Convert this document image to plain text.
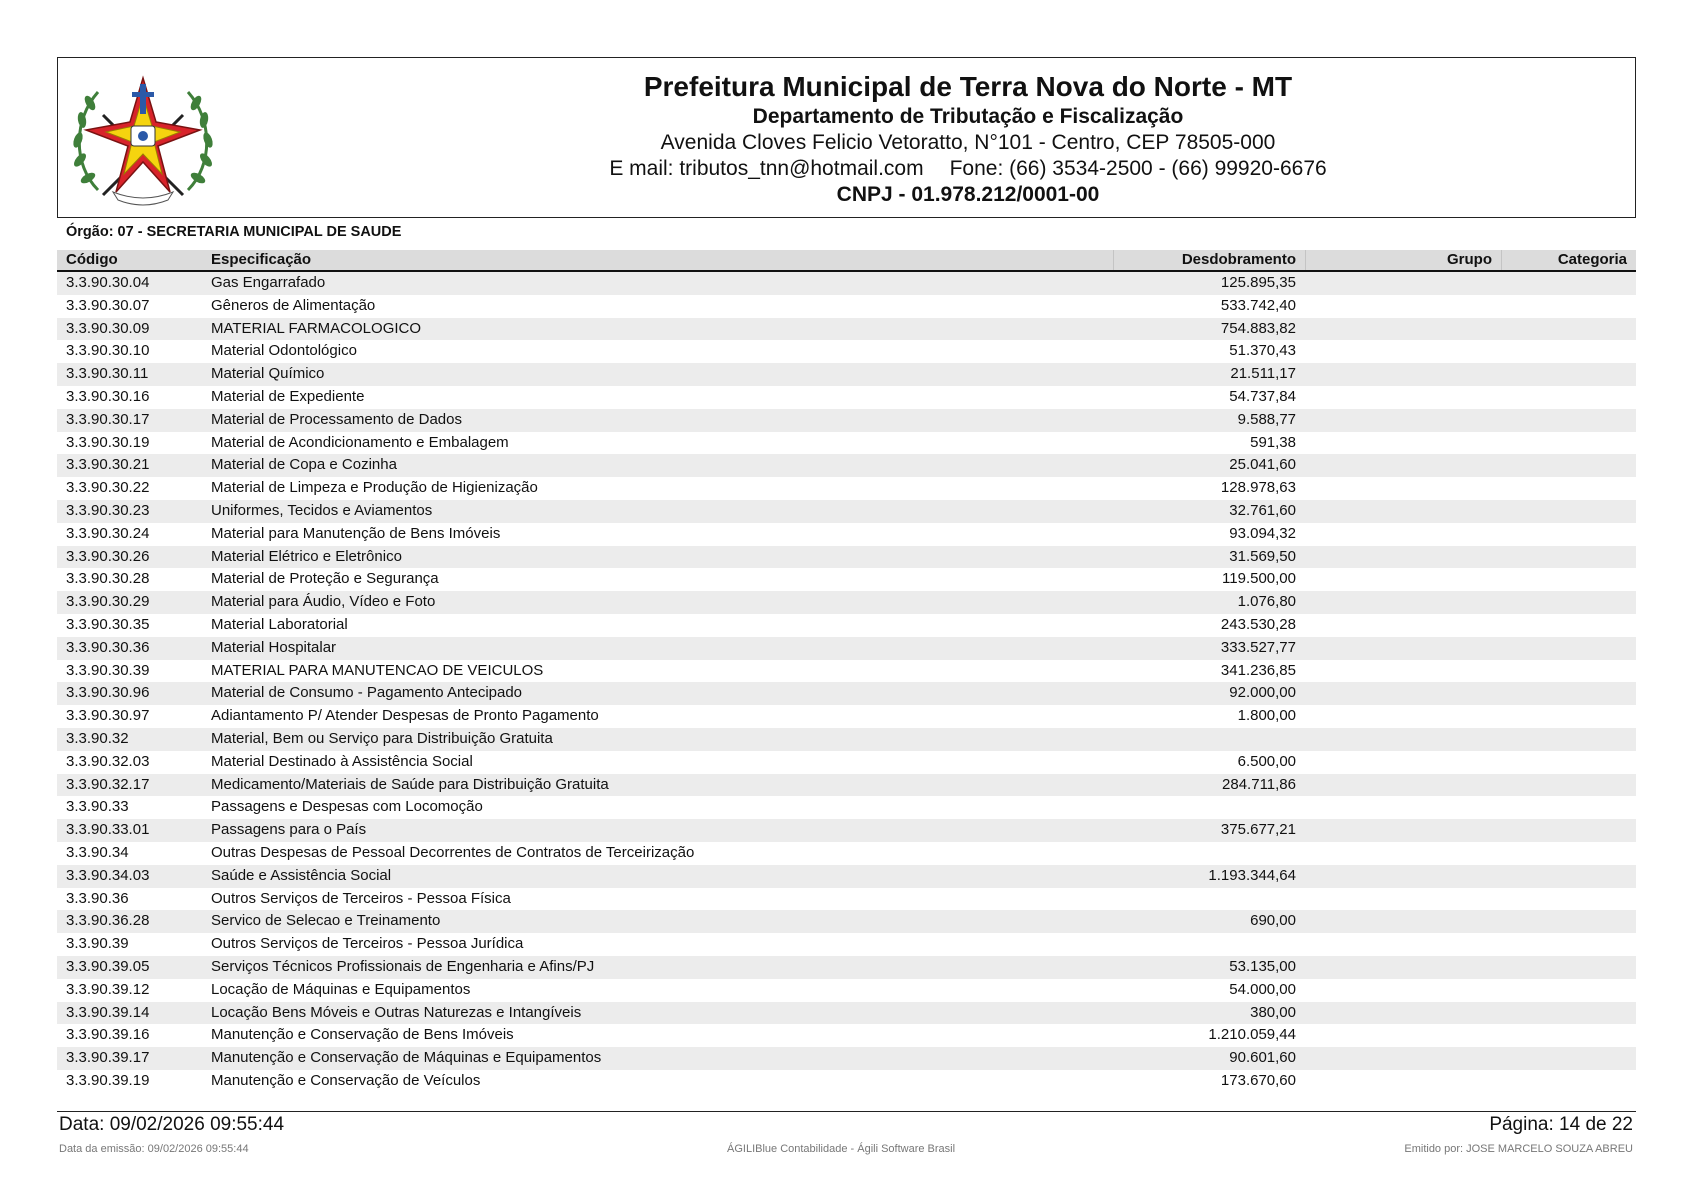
Prefeitura Municipal de Terra Nova do Norte - MT
Departamento de Tributação e Fiscalização
Avenida Cloves Felicio Vetoratto, N°101 - Centro, CEP 78505-000
E mail: tributos_tnn@hotmail.com Fone: (66) 3534-2500 - (66) 99920-6676
CNPJ - 01.978.212/0001-00
Órgão: 07 - SECRETARIA MUNICIPAL DE SAUDE
Código	Especificação	Desdobramento	Grupo	Categoria
3.3.90.30.04	Gas Engarrafado	125.895,35
3.3.90.30.07	Gêneros de Alimentação	533.742,40
3.3.90.30.09	MATERIAL FARMACOLOGICO	754.883,82
3.3.90.30.10	Material Odontológico	51.370,43
3.3.90.30.11	Material Químico	21.511,17
3.3.90.30.16	Material de Expediente	54.737,84
3.3.90.30.17	Material de Processamento de Dados	9.588,77
3.3.90.30.19	Material de Acondicionamento e Embalagem	591,38
3.3.90.30.21	Material de Copa e Cozinha	25.041,60
3.3.90.30.22	Material de Limpeza e Produção de Higienização	128.978,63
3.3.90.30.23	Uniformes, Tecidos e Aviamentos	32.761,60
3.3.90.30.24	Material para Manutenção de Bens Imóveis	93.094,32
3.3.90.30.26	Material Elétrico e Eletrônico	31.569,50
3.3.90.30.28	Material de Proteção e Segurança	119.500,00
3.3.90.30.29	Material para Áudio, Vídeo e Foto	1.076,80
3.3.90.30.35	Material Laboratorial	243.530,28
3.3.90.30.36	Material Hospitalar	333.527,77
3.3.90.30.39	MATERIAL PARA MANUTENCAO DE VEICULOS	341.236,85
3.3.90.30.96	Material de Consumo - Pagamento Antecipado	92.000,00
3.3.90.30.97	Adiantamento P/ Atender Despesas de Pronto Pagamento	1.800,00
3.3.90.32	Material, Bem ou Serviço para Distribuição Gratuita
3.3.90.32.03	Material Destinado à Assistência Social	6.500,00
3.3.90.32.17	Medicamento/Materiais de Saúde para Distribuição Gratuita	284.711,86
3.3.90.33	Passagens e Despesas com Locomoção
3.3.90.33.01	Passagens para o País	375.677,21
3.3.90.34	Outras Despesas de Pessoal Decorrentes de Contratos de Terceirização
3.3.90.34.03	Saúde e Assistência Social	1.193.344,64
3.3.90.36	Outros Serviços de Terceiros - Pessoa Física
3.3.90.36.28	Servico de Selecao e Treinamento	690,00
3.3.90.39	Outros Serviços de Terceiros - Pessoa Jurídica
3.3.90.39.05	Serviços Técnicos Profissionais de Engenharia e Afins/PJ	53.135,00
3.3.90.39.12	Locação de Máquinas e Equipamentos	54.000,00
3.3.90.39.14	Locação Bens Móveis e Outras Naturezas e Intangíveis	380,00
3.3.90.39.16	Manutenção e Conservação de Bens Imóveis	1.210.059,44
3.3.90.39.17	Manutenção e Conservação de Máquinas e Equipamentos	90.601,60
3.3.90.39.19	Manutenção e Conservação de Veículos	173.670,60
Data: 09/02/2026 09:55:44	Página: 14 de 22
Data da emissão: 09/02/2026 09:55:44	ÁGILIBlue Contabilidade - Ágili Software Brasil	Emitido por: JOSE MARCELO SOUZA ABREU
